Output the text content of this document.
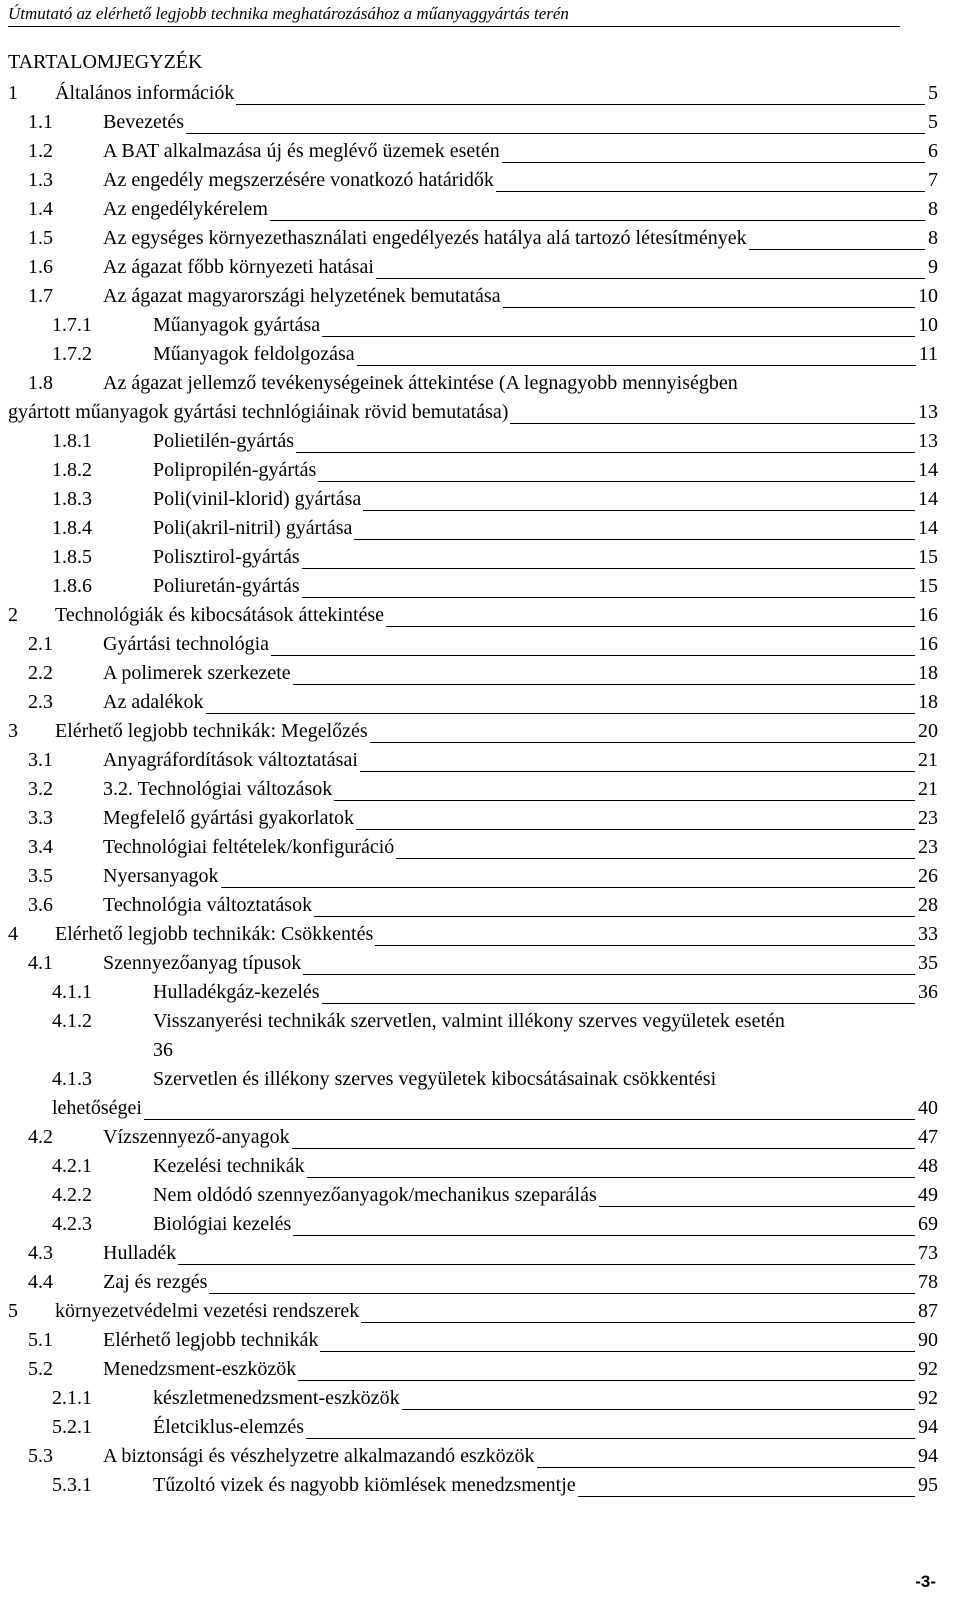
Útmutató az elérhető legjobb technika meghatározásához a műanyaggyártás terén
TARTALOMJEGYZÉK
1 Általános információk	5
1.1	Bevezetés	5
1.2	A BAT alkalmazása új és meglévő üzemek esetén	6
1.3	Az engedély megszerzésére vonatkozó határidők	7
1.4	Az engedélykérelem	8
1.5	Az egységes környezethasználati engedélyezés hatálya alá tartozó létesítmények	8
1.6	Az ágazat főbb környezeti hatásai	9
1.7	Az ágazat magyarországi helyzetének bemutatása	10
1.7.1	Műanyagok gyártása	10
1.7.2	Műanyagok feldolgozása	11
1.8	Az ágazat jellemző tevékenységeinek áttekintése (A legnagyobb mennyiségben
gyártott műanyagok gyártási technlógiáinak rövid bemutatása)	13
1.8.1	Polietilén-gyártás	13
1.8.2	Polipropilén-gyártás	14
1.8.3	Poli(vinil-klorid) gyártása	14
1.8.4	Poli(akril-nitril) gyártása	14
1.8.5	Polisztirol-gyártás	15
1.8.6	Poliuretán-gyártás	15
2 Technológiák és kibocsátások áttekintése	16
2.1	Gyártási technológia	16
2.2	A polimerek szerkezete	18
2.3	Az adalékok	18
3 Elérhető legjobb technikák: Megelőzés	20
3.1	Anyagráfordítások változtatásai	21
3.2	3.2. Technológiai változások	21
3.3	Megfelelő gyártási gyakorlatok	23
3.4	Technológiai feltételek/konfiguráció	23
3.5	Nyersanyagok	26
3.6	Technológia változtatások	28
4 Elérhető legjobb technikák: Csökkentés	33
4.1	Szennyezőanyag típusok	35
4.1.1	Hulladékgáz-kezelés	36
4.1.2	Visszanyerési technikák szervetlen, valmint illékony szerves vegyületek esetén
36
4.1.3	Szervetlen és illékony szerves vegyületek kibocsátásainak csökkentési
lehetőségei	40
4.2	Vízszennyező-anyagok	47
4.2.1	Kezelési technikák	48
4.2.2	Nem oldódó szennyezőanyagok/mechanikus szeparálás	49
4.2.3	Biológiai kezelés	69
4.3	Hulladék	73
4.4	Zaj és rezgés	78
5 környezetvédelmi vezetési rendszerek	87
5.1	Elérhető legjobb technikák	90
5.2	Menedzsment-eszközök	92
2.1.1	készletmenedzsment-eszközök	92
5.2.1	Életciklus-elemzés	94
5.3	A biztonsági és vészhelyzetre alkalmazandó eszközök	94
5.3.1	Tűzoltó vizek és nagyobb kiömlések menedzsmentje	95
-3-
